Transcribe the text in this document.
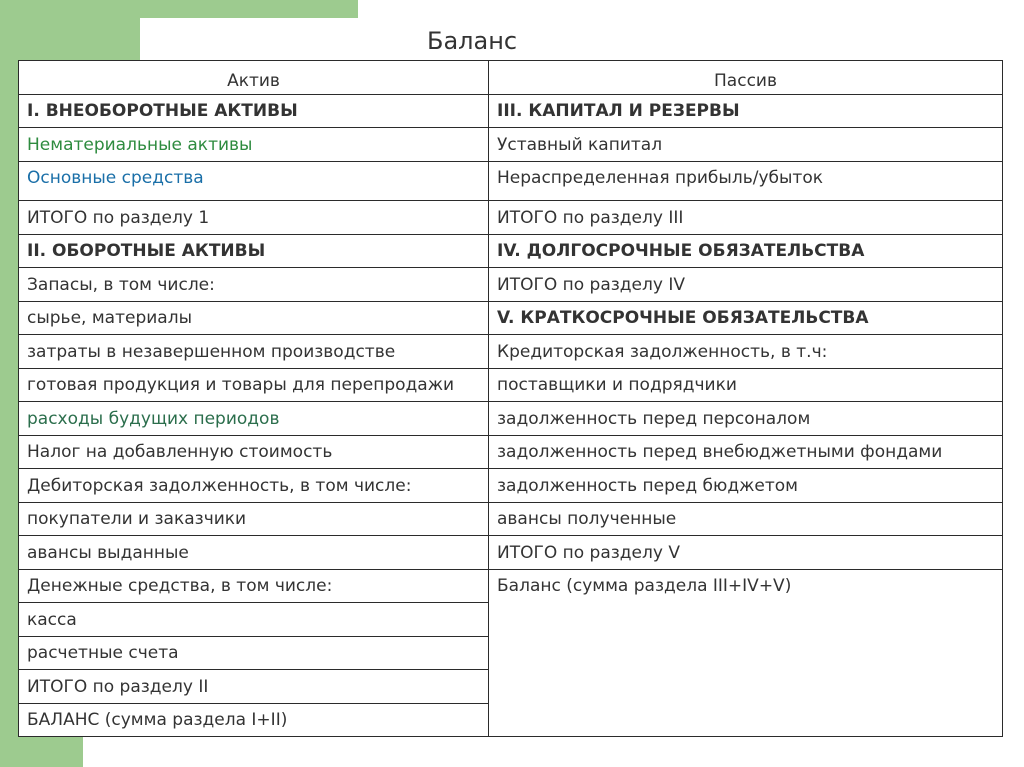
Баланс
Актив	Пассив
I. ВНЕОБОРОТНЫЕ АКТИВЫ	III. КАПИТАЛ И РЕЗЕРВЫ
Нематериальные активы	Уставный капитал
Основные средства	Нераспределенная прибыль/убыток
ИТОГО по разделу 1	ИТОГО по разделу III
II. ОБОРОТНЫЕ АКТИВЫ	IV. ДОЛГОСРОЧНЫЕ ОБЯЗАТЕЛЬСТВА
Запасы, в том числе:	ИТОГО по разделу IV
сырье, материалы	V. КРАТКОСРОЧНЫЕ ОБЯЗАТЕЛЬСТВА
затраты в незавершенном производстве	Кредиторская задолженность, в т.ч:
готовая продукция и товары для перепродажи	поставщики и подрядчики
расходы будущих периодов	задолженность перед персоналом
Налог на добавленную стоимость	задолженность перед внебюджетными фондами
Дебиторская задолженность, в том числе:	задолженность перед бюджетом
покупатели и заказчики	авансы полученные
авансы выданные	ИТОГО по разделу V
Денежные средства, в том числе:	Баланс (сумма раздела III+IV+V)
касса	
расчетные счета	
ИТОГО по разделу II	
БАЛАНС (сумма раздела I+II)	
